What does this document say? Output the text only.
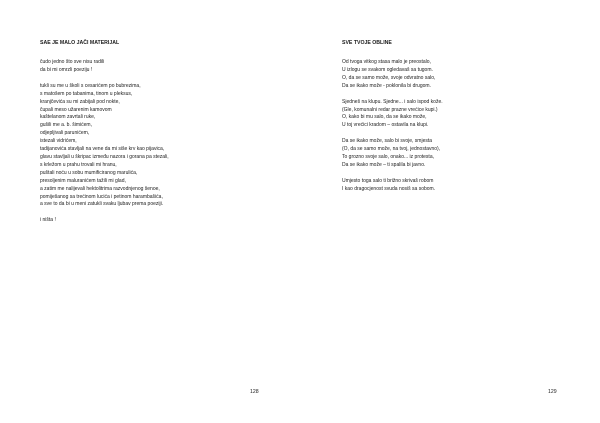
SAE JE MALO JAČI MATERIJAL
čudo jedno što sve nisu radili
da bi mi omrzli poeziju !
tukli su me u školi s cesarićem po bubrezima,
s matošem po tabanima, tinom u pleksus,
kranjčevića su mi zabijali pod nokte,
čupali meso užarenim kamovom
kaštelanom zavrtali ruke,
gušili me a. b. šimićem,
odjepljivali parunićem,
istezali vidrićem,
tadijanovića stavljali na vene da mi siše krv kao pijavica,
glavu stavljali u škripac između nazora i gorana pa stezali,
s krležom u prahu trovali mi hranu,
puštali noću u sobu mumificiranog marulića,
presoljenim maluranićem tažili mi glad,
a zatim me nalijevali hektolitrima razvodnjenog šenoe,
pomiješanog sa trećinom lucića i petinom harambašića,
a sve to da bi u meni zatukli svaku ljubav prema poeziji.
i ništa !
128
SVE TVOJE OBLINE
Od tvoga vitkog stasa malo je preostalo,
U izlogu se svakom ogledavaš sa tugom.
O, da se samo može, svoje odvratno salo,
Da se ikako može - poklonila bi drugom.
Sjedneš na klupu. Sjedne... i salo ispod kože.
(Gle, komunalni redar prazne vrećice kupi.)
O, kako bi mu salo, da se ikako može,
U toj vrećici kradom – ostavila na klupi.
Da se ikako može, salo bi svoje, smjesta
(O, da se samo može, na tvoj, jednostavno),
To grozno svoje salo, onako... iz protesta,
Da se ikako može – ti spalila bi javno.
Umjesto toga salo ti brižno skrivaš robom
I kao dragocjenost svuda nosiš sa sobom.
129
